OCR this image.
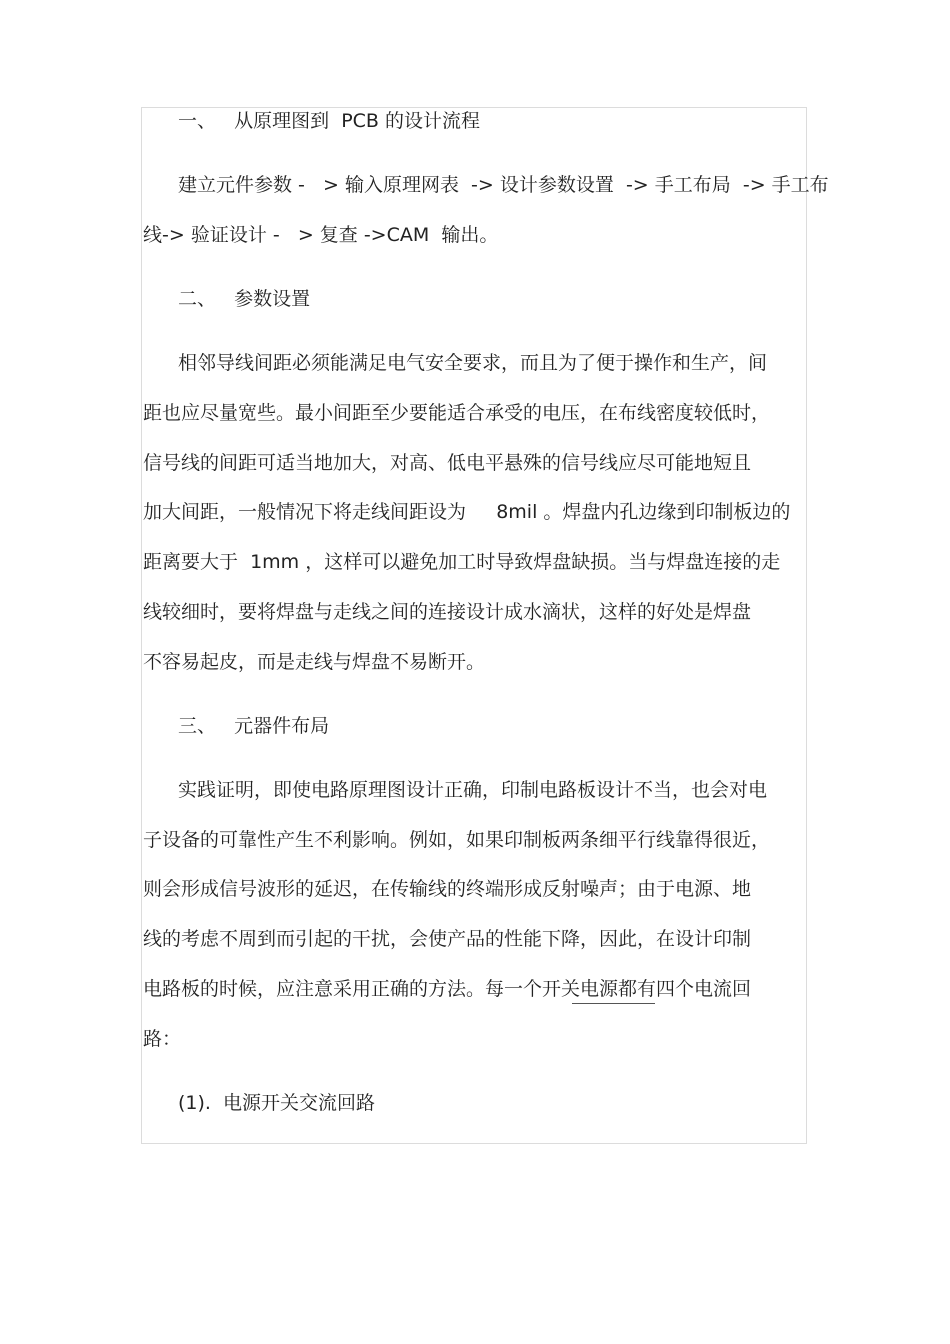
一、   从原理图到  PCB 的设计流程
建立元件参数 -   > 输入原理网表  -> 设计参数设置  -> 手工布局  -> 手工布
线-> 验证设计 -   > 复查 ->CAM  输出。
二、   参数设置
相邻导线间距必须能满足电气安全要求，而且为了便于操作和生产，间
距也应尽量宽些。最小间距至少要能适合承受的电压，在布线密度较低时，
信号线的间距可适当地加大，对高、低电平悬殊的信号线应尽可能地短且
加大间距，一般情况下将走线间距设为     8mil 。焊盘内孔边缘到印制板边的
距离要大于  1mm ，这样可以避免加工时导致焊盘缺损。当与焊盘连接的走
线较细时，要将焊盘与走线之间的连接设计成水滴状，这样的好处是焊盘
不容易起皮，而是走线与焊盘不易断开。
三、   元器件布局
实践证明，即使电路原理图设计正确，印制电路板设计不当，也会对电
子设备的可靠性产生不利影响。例如，如果印制板两条细平行线靠得很近，
则会形成信号波形的延迟，在传输线的终端形成反射噪声；由于电源、地
线的考虑不周到而引起的干扰，会使产品的性能下降，因此，在设计印制
电路板的时候，应注意采用正确的方法。每一个开关电源都有四个电流回
路：
(1).  电源开关交流回路
